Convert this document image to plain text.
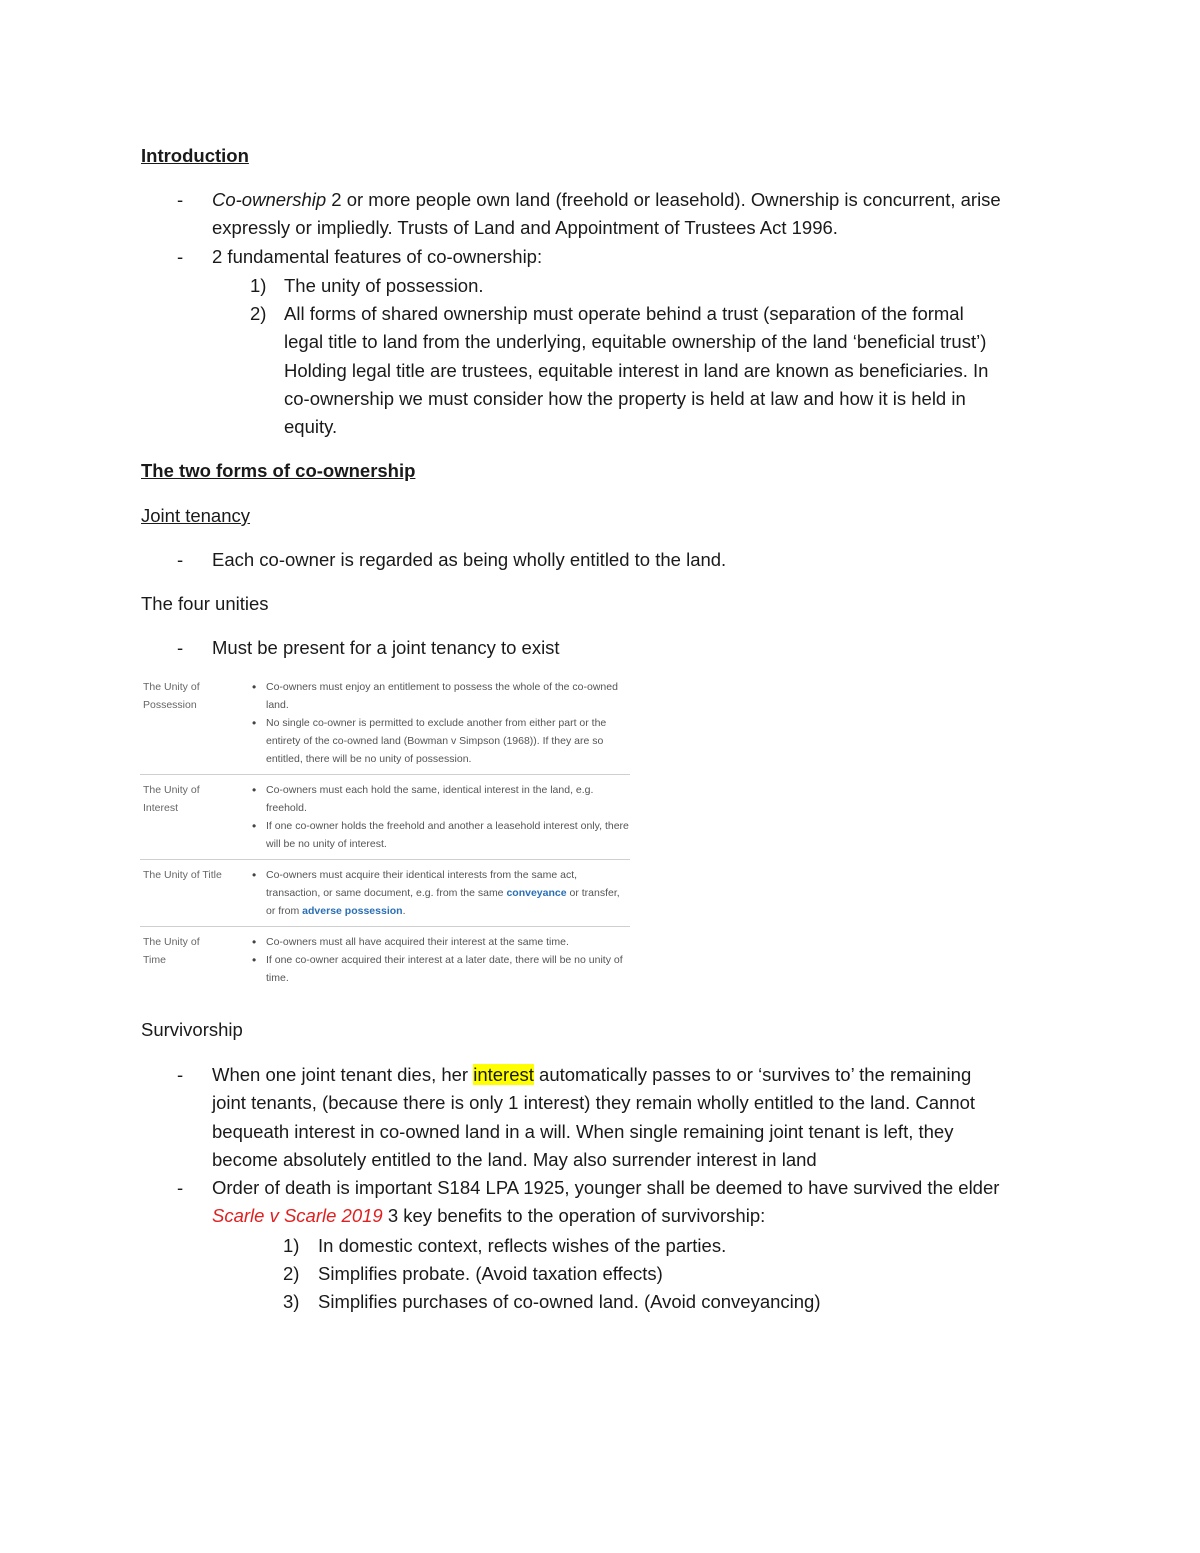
Introduction
- Co-ownership 2 or more people own land (freehold or leasehold). Ownership is concurrent, arise
expressly or impliedly. Trusts of Land and Appointment of Trustees Act 1996.
- 2 fundamental features of co-ownership:
1) The unity of possession.
2) All forms of shared ownership must operate behind a trust (separation of the formal
legal title to land from the underlying, equitable ownership of the land ‘beneficial trust’)
Holding legal title are trustees, equitable interest in land are known as beneficiaries. In
co-ownership we must consider how the property is held at law and how it is held in
equity.
The two forms of co-ownership
Joint tenancy
- Each co-owner is regarded as being wholly entitled to the land.
The four unities
- Must be present for a joint tenancy to exist
The Unity of Possession
• Co-owners must enjoy an entitlement to possess the whole of the co-owned land.
• No single co-owner is permitted to exclude another from either part or the entirety of the co-owned land (Bowman v Simpson (1968)). If they are so entitled, there will be no unity of possession.
The Unity of Interest
• Co-owners must each hold the same, identical interest in the land, e.g. freehold.
• If one co-owner holds the freehold and another a leasehold interest only, there will be no unity of interest.
The Unity of Title
•	Co-owners must acquire their identical interests from the same act, transaction, or same document, e.g. from the same conveyance or transfer, or from adverse possession.
The Unity of Time
• Co-owners must all have acquired their interest at the same time.
• If one co-owner acquired their interest at a later date, there will be no unity of time.
Survivorship
- When one joint tenant dies, her interest automatically passes to or ‘survives to’ the remaining
joint tenants, (because there is only 1 interest) they remain wholly entitled to the land. Cannot
bequeath interest in co-owned land in a will. When single remaining joint tenant is left, they
become absolutely entitled to the land. May also surrender interest in land
- Order of death is important S184 LPA 1925, younger shall be deemed to have survived the elder
Scarle v Scarle 2019 3 key benefits to the operation of survivorship:
1) In domestic context, reflects wishes of the parties.
2) Simplifies probate. (Avoid taxation effects)
3) Simplifies purchases of co-owned land. (Avoid conveyancing)
